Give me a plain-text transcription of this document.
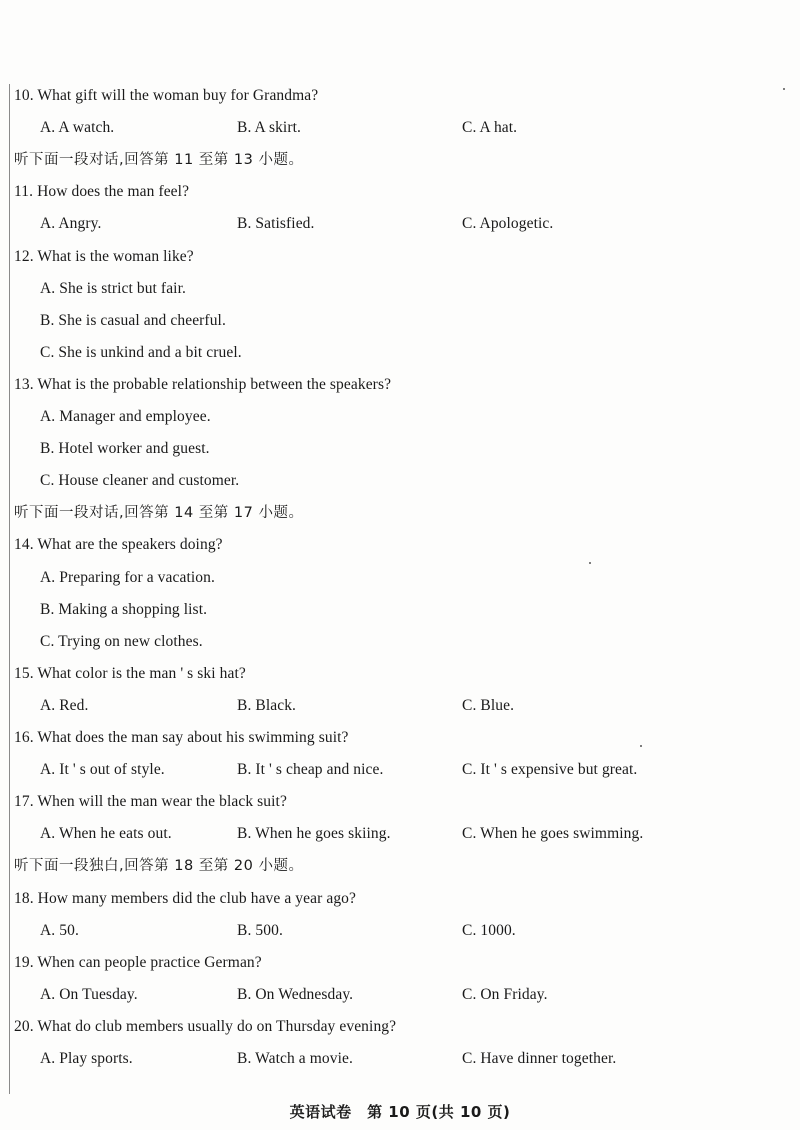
10. What gift will the woman buy for Grandma?
A. A watch.	B. A skirt.	C. A hat.
听下面一段对话,回答第 11 至第 13 小题。
11. How does the man feel?
A. Angry.	B. Satisfied.	C. Apologetic.
12. What is the woman like?
A. She is strict but fair.
B. She is casual and cheerful.
C. She is unkind and a bit cruel.
13. What is the probable relationship between the speakers?
A. Manager and employee.
B. Hotel worker and guest.
C. House cleaner and customer.
听下面一段对话,回答第 14 至第 17 小题。
14. What are the speakers doing?
A. Preparing for a vacation.
B. Making a shopping list.
C. Trying on new clothes.
15. What color is the man ' s ski hat?
A. Red.	B. Black.	C. Blue.
16. What does the man say about his swimming suit?
A. It ' s out of style.	B. It ' s cheap and nice.	C. It ' s expensive but great.
17. When will the man wear the black suit?
A. When he eats out.	B. When he goes skiing.	C. When he goes swimming.
听下面一段独白,回答第 18 至第 20 小题。
18. How many members did the club have a year ago?
A. 50.	B. 500.	C. 1000.
19. When can people practice German?
A. On Tuesday.	B. On Wednesday.	C. On Friday.
20. What do club members usually do on Thursday evening?
A. Play sports.	B. Watch a movie.	C. Have dinner together.
英语试卷　第 10 页(共 10 页)
